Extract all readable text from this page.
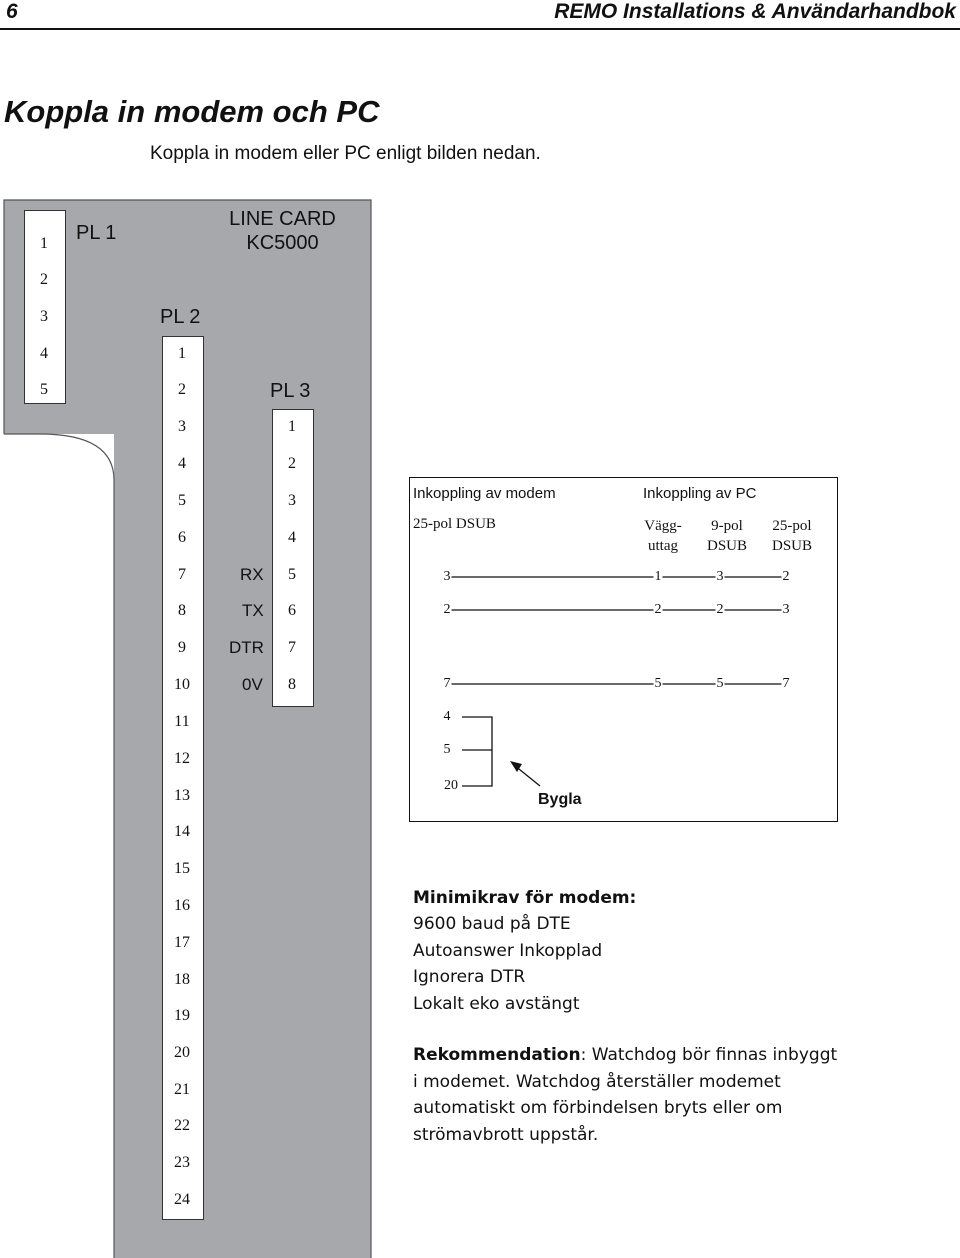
6	REMO Installations & Användarhandbok
Koppla in modem och PC
Koppla in modem eller PC enligt bilden nedan.
LINE CARD
KC5000
PL 1
PL 2
PL 3
1
2
3
4
5
1
2
3
4
5
6
7
8
9
10
11
12
13
14
15
16
17
18
19
20
21
22
23
24
1
2
3
4
5
6
7
8
RX
TX
DTR
0V
Inkoppling av modem	Inkoppling av PC
25-pol DSUB	Vägg-
uttag
9-pol
DSUB
25-pol
DSUB
3	1	3	2
2	2	2	3
7	5	5	7
4
5
20
Bygla
Minimikrav för modem:
9600 baud på DTE
Autoanswer Inkopplad
Ignorera DTR
Lokalt eko avstängt
Rekommendation: Watchdog bör finnas inbyggt
i modemet. Watchdog återställer modemet
automatiskt om förbindelsen bryts eller om
strömavbrott uppstår.
